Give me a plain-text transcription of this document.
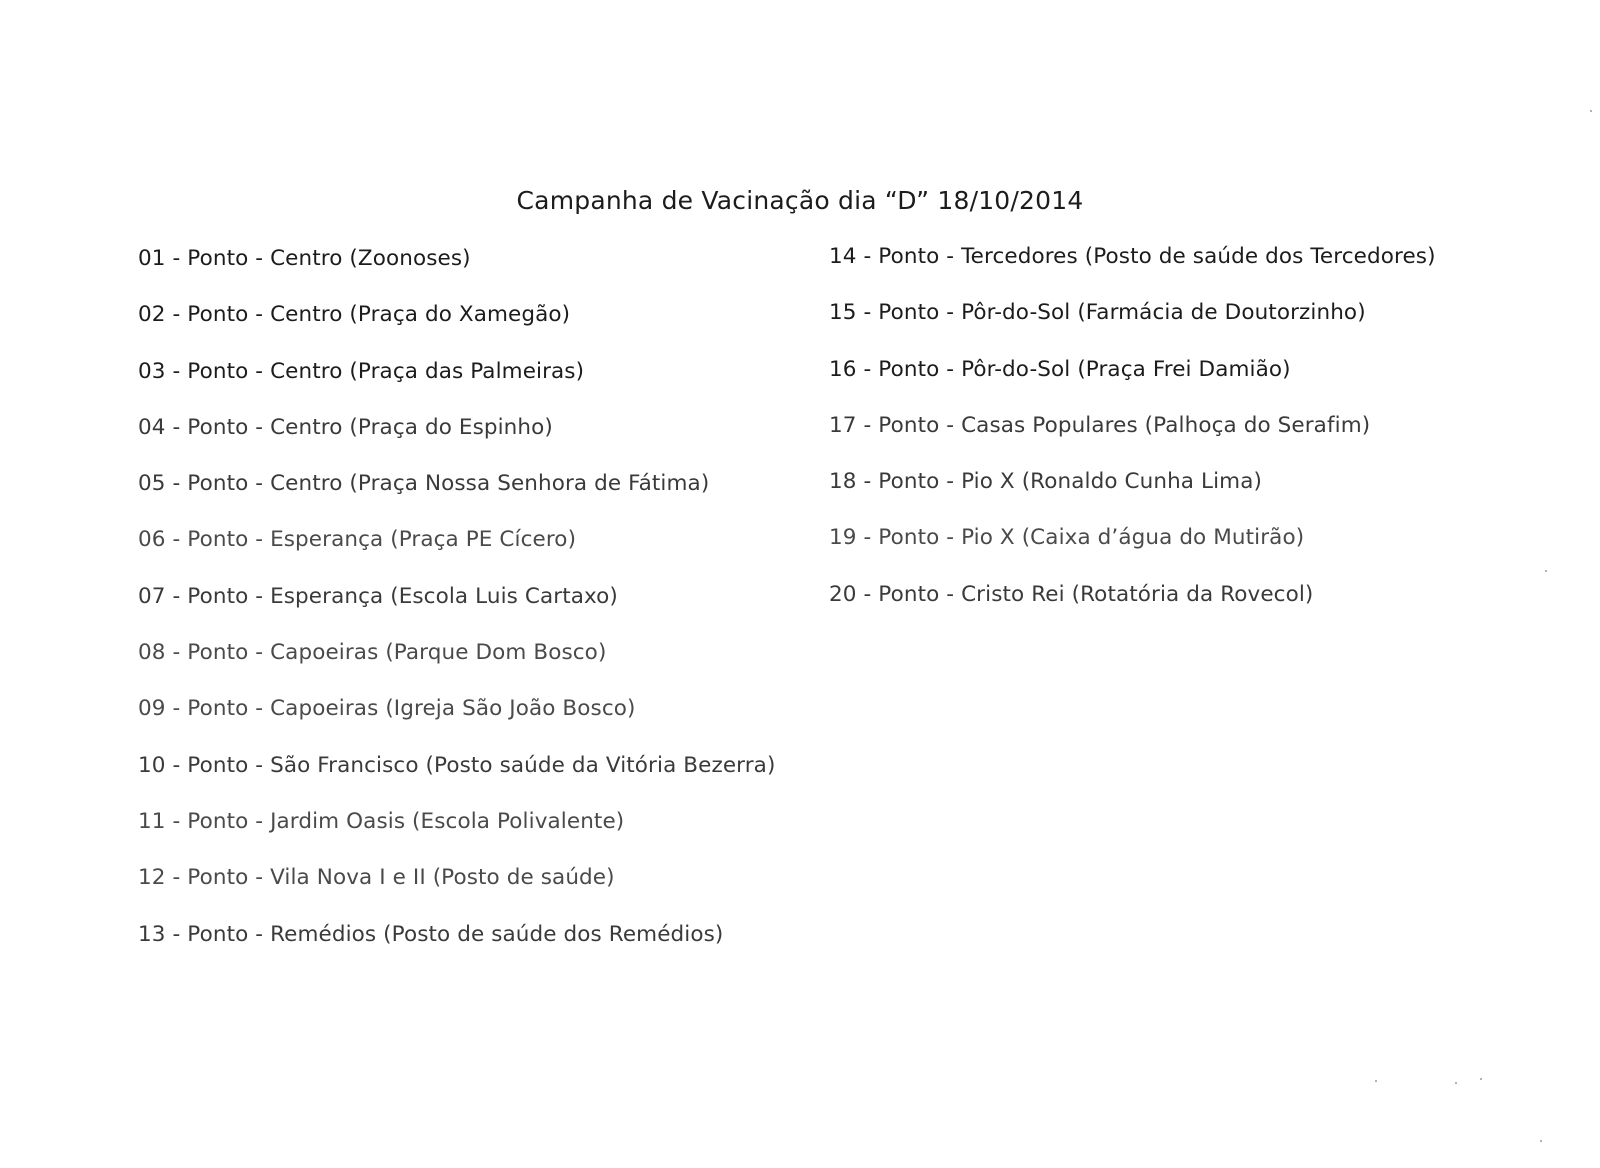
Campanha de Vacinação dia “D” 18/10/2014
01 - Ponto - Centro (Zoonoses)
02 - Ponto - Centro (Praça do Xamegão)
03 - Ponto - Centro (Praça das Palmeiras)
04 - Ponto - Centro (Praça do Espinho)
05 - Ponto - Centro (Praça Nossa Senhora de Fátima)
06 - Ponto - Esperança (Praça PE Cícero)
07 - Ponto - Esperança (Escola Luis Cartaxo)
08 - Ponto - Capoeiras (Parque Dom Bosco)
09 - Ponto - Capoeiras (Igreja São João Bosco)
10 - Ponto - São Francisco (Posto saúde da Vitória Bezerra)
11 - Ponto - Jardim Oasis (Escola Polivalente)
12 - Ponto - Vila Nova I e II (Posto de saúde)
13 - Ponto - Remédios (Posto de saúde dos Remédios)
14 - Ponto - Tercedores (Posto de saúde dos Tercedores)
15 - Ponto - Pôr-do-Sol (Farmácia de Doutorzinho)
16 - Ponto - Pôr-do-Sol (Praça Frei Damião)
17 - Ponto - Casas Populares (Palhoça do Serafim)
18 - Ponto - Pio X (Ronaldo Cunha Lima)
19 - Ponto - Pio X (Caixa d’água do Mutirão)
20 - Ponto - Cristo Rei (Rotatória da Rovecol)
